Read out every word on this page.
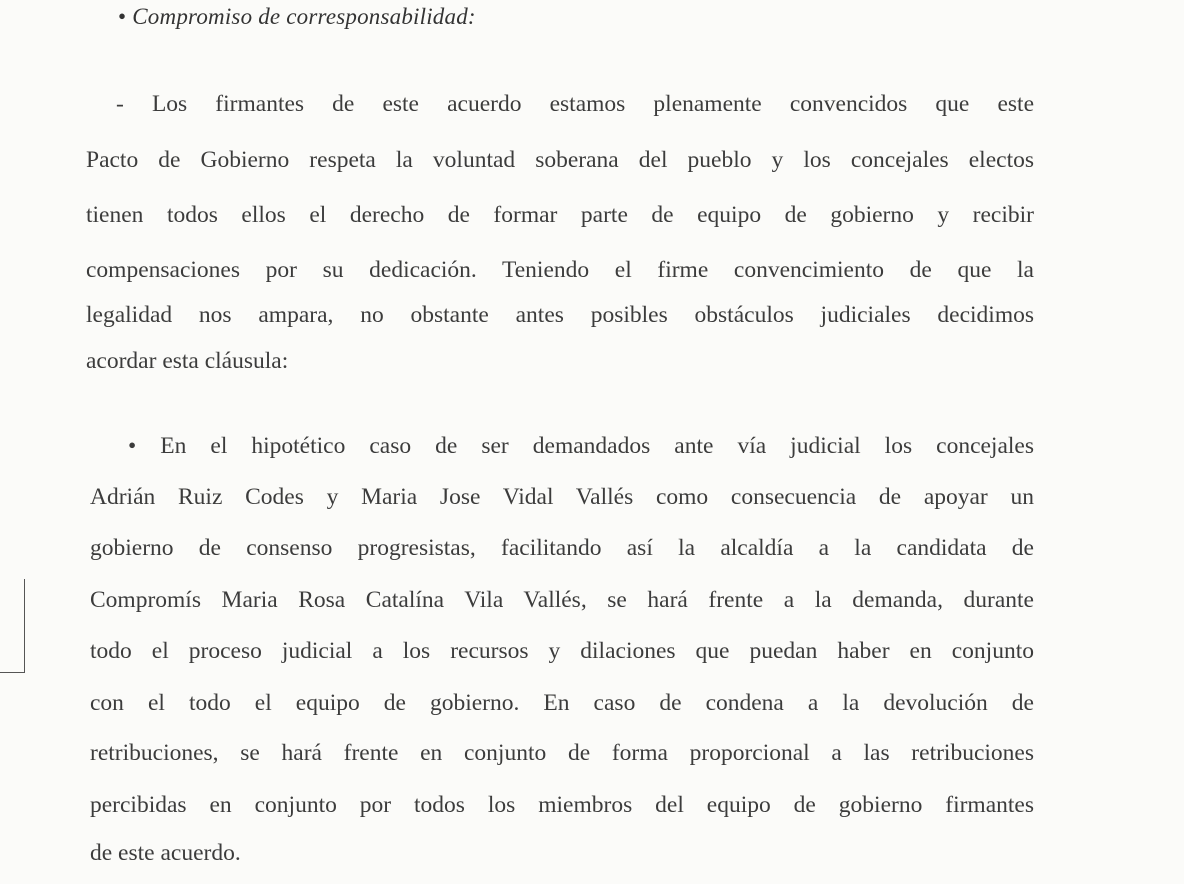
• Compromiso de corresponsabilidad:
- Los firmantes de este acuerdo estamos plenamente convencidos que este
Pacto de Gobierno respeta la voluntad soberana del pueblo y los concejales electos
tienen todos ellos el derecho de formar parte de equipo de gobierno y recibir
compensaciones por su dedicación. Teniendo el firme convencimiento de que la
legalidad nos ampara, no obstante antes posibles obstáculos judiciales decidimos
acordar esta cláusula:
• En el hipotético caso de ser demandados ante vía judicial los concejales
Adrián Ruiz Codes y Maria Jose Vidal Vallés como consecuencia de apoyar un
gobierno de consenso progresistas, facilitando así la alcaldía a la candidata de
Compromís Maria Rosa Catalína Vila Vallés, se hará frente a la demanda, durante
todo el proceso judicial a los recursos y dilaciones que puedan haber en conjunto
con el todo el equipo de gobierno. En caso de condena a la devolución de
retribuciones, se hará frente en conjunto de forma proporcional a las retribuciones
percibidas en conjunto por todos los miembros del equipo de gobierno firmantes
de este acuerdo.
